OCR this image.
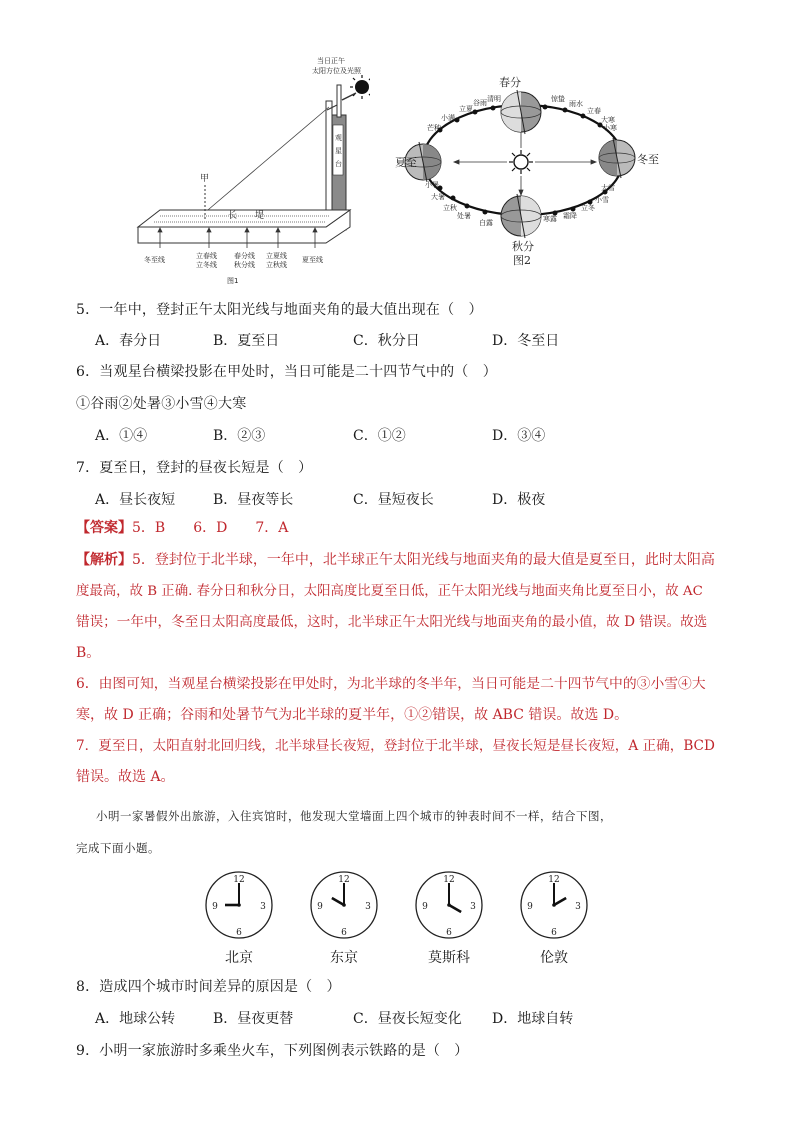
当日正午
太阳方位及光照
观
星
台
长　　堤
甲
冬至线	立春线
立冬线
春分线
秋分线
立夏线
立秋线
夏至线
图1
春分
夏至	冬至
秋分
图2
立夏
谷雨 清明	惊蛰
雨水
立春
小满
芒种	小寒
大寒
小暑
大暑
立秋
处暑
白露	寒露 霜降
立冬
小雪
大雪
5．一年中，登封正午太阳光线与地面夹角的最大值出现在（　）
A．春分日	B．夏至日	C．秋分日	D．冬至日
6．当观星台横梁投影在甲处时，当日可能是二十四节气中的（　）
①谷雨②处暑③小雪④大寒
A．①④	B．②③	C．①②	D．③④
7．夏至日，登封的昼夜长短是（　）
A．昼长夜短	B．昼夜等长	C．昼短夜长	D．极夜
【答案】5．B　　6．D　　7．A
【解析】5．登封位于北半球，一年中，北半球正午太阳光线与地面夹角的最大值是夏至日，此时太阳高
度最高，故 B 正确. 春分日和秋分日，太阳高度比夏至日低，正午太阳光线与地面夹角比夏至日小，故 AC
错误；一年中，冬至日太阳高度最低，这时，北半球正午太阳光线与地面夹角的最小值，故 D 错误。故选
B。
6．由图可知，当观星台横梁投影在甲处时，为北半球的冬半年，当日可能是二十四节气中的③小雪④大
寒，故 D 正确；谷雨和处暑节气为北半球的夏半年，①②错误，故 ABC 错误。故选 D。
7．夏至日，太阳直射北回归线，北半球昼长夜短，登封位于北半球，昼夜长短是昼长夜短，A 正确，BCD
错误。故选 A。
小明一家暑假外出旅游，入住宾馆时，他发现大堂墙面上四个城市的钟表时间不一样，结合下图，
完成下面小题。
12
3
6
9
北京
12
3
6
9
东京
12
3
6
9
莫斯科
12
3
6
9
伦敦
8．造成四个城市时间差异的原因是（　）
A．地球公转	B．昼夜更替	C．昼夜长短变化 D．地球自转
9．小明一家旅游时多乘坐火车，下列图例表示铁路的是（　）
